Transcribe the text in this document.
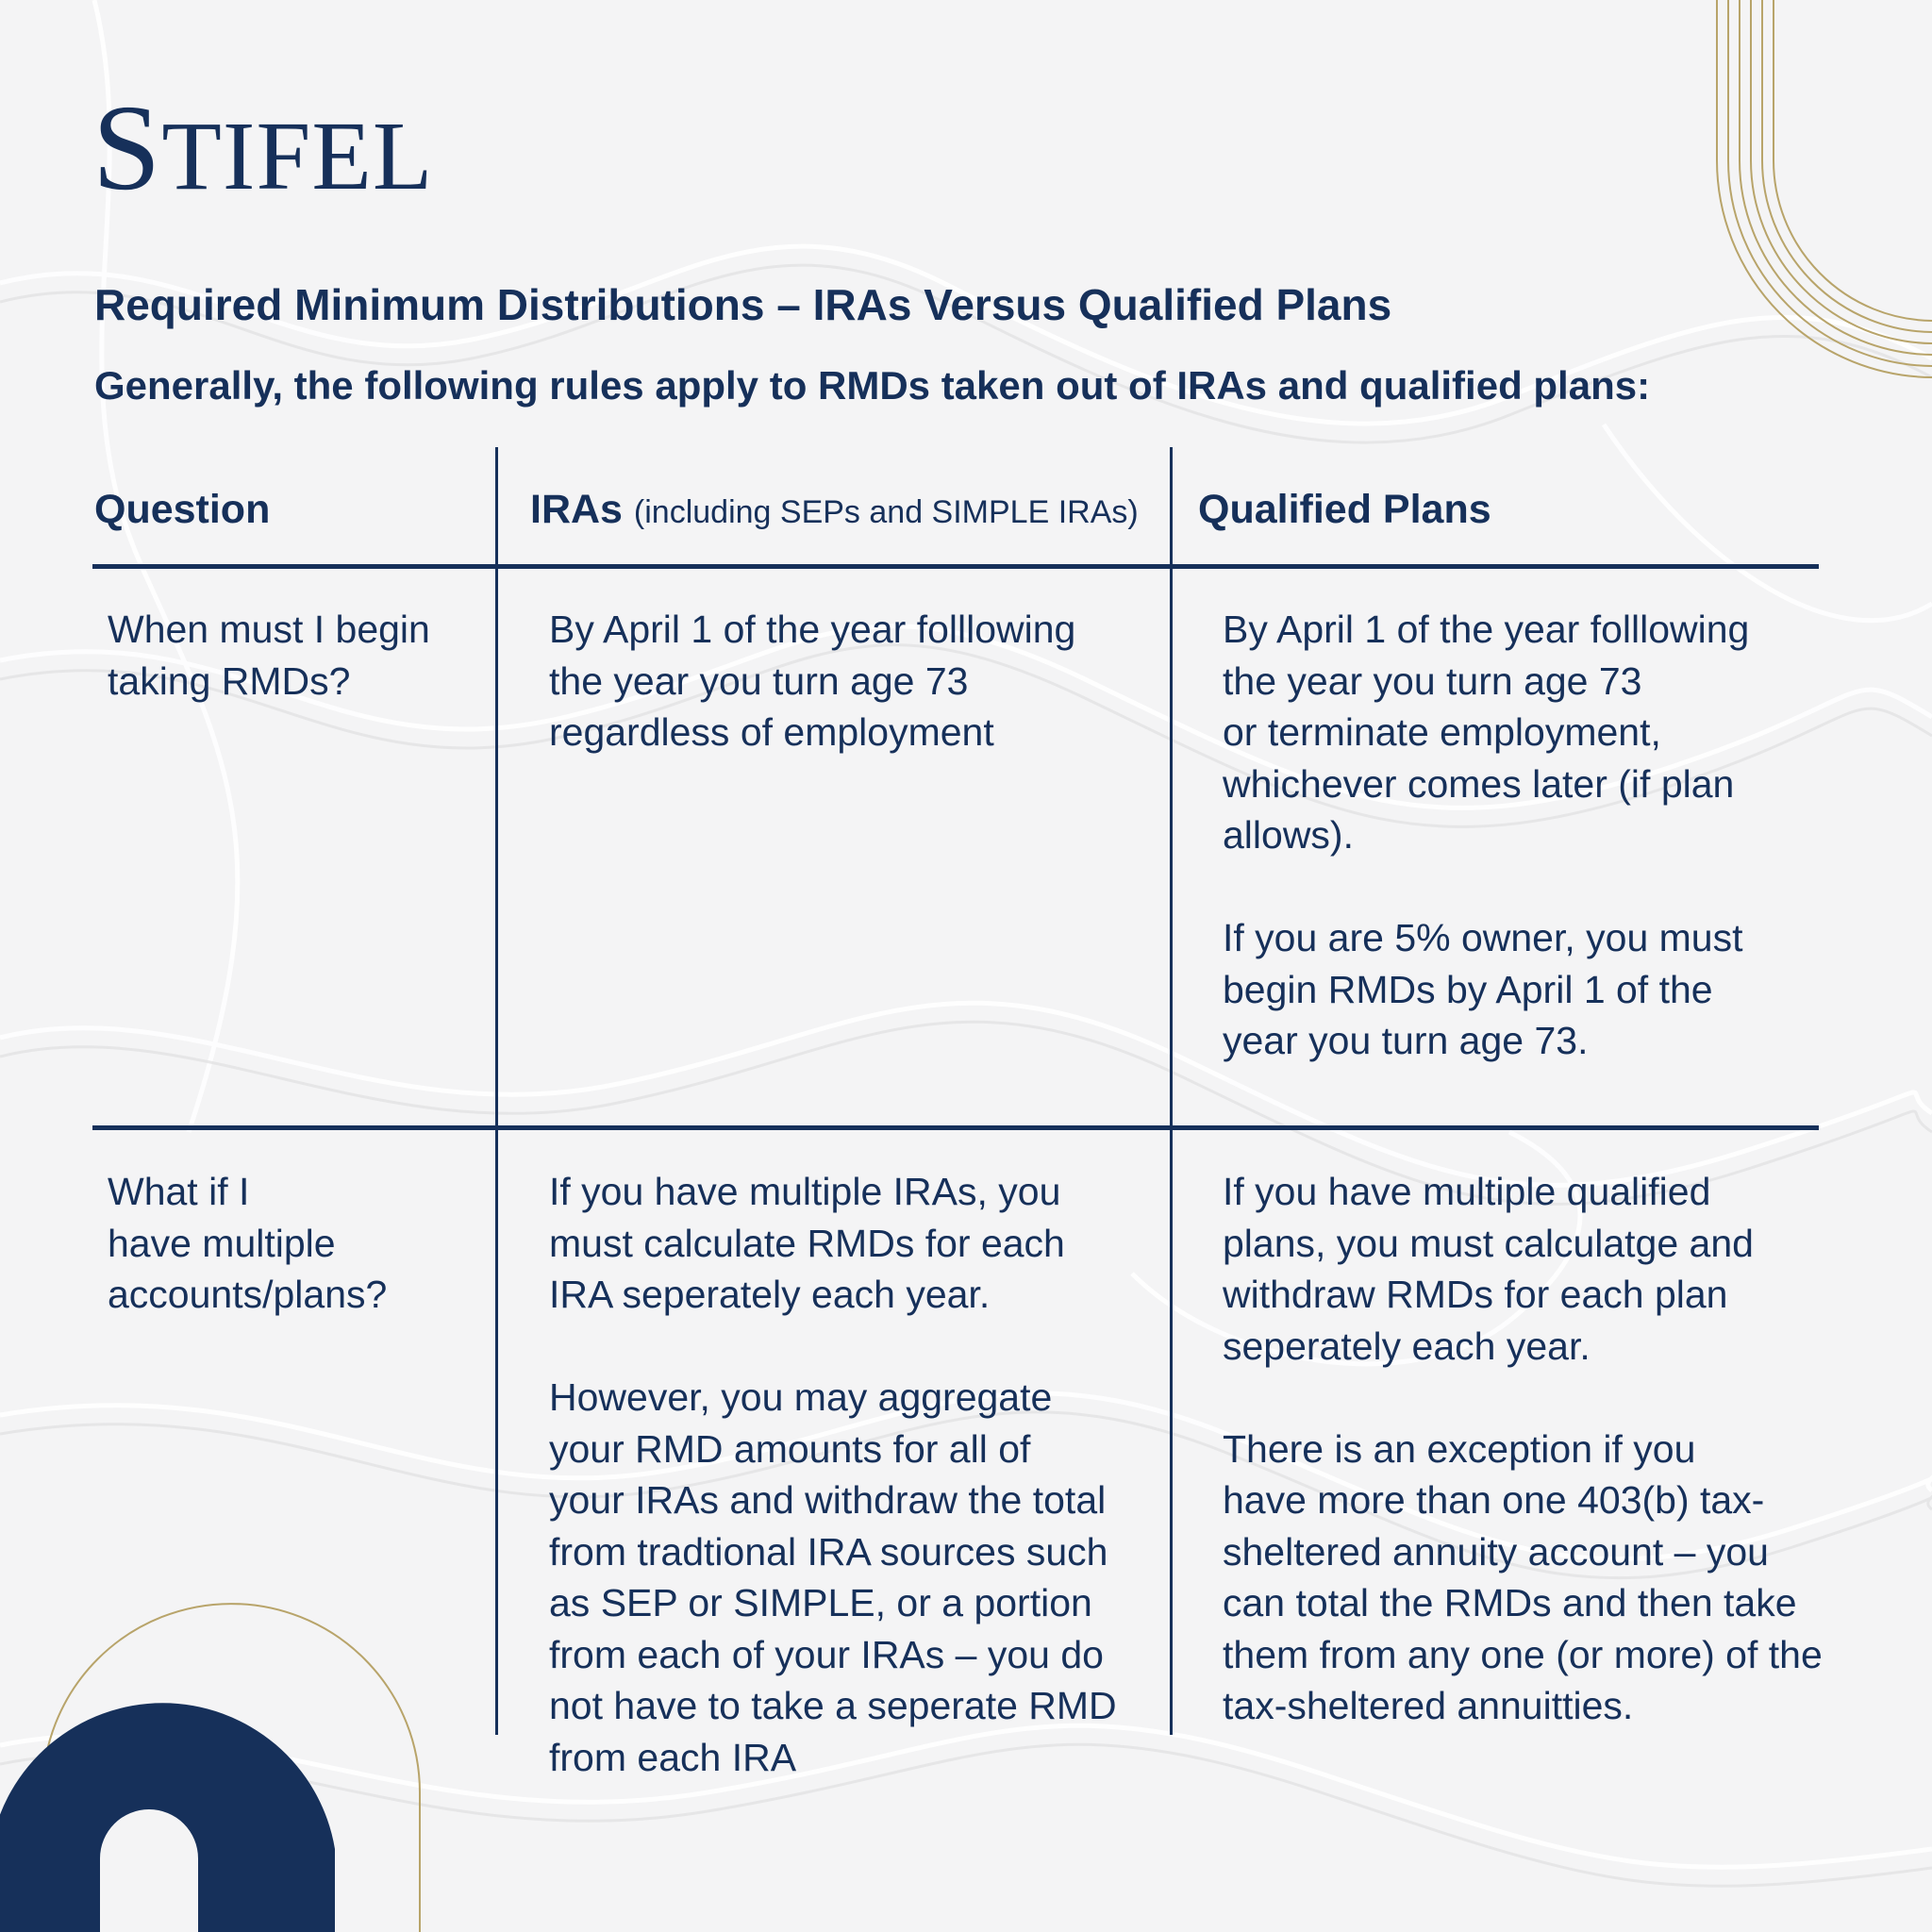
STIFEL
Required Minimum Distributions – IRAs Versus Qualified Plans
Generally, the following rules apply to RMDs taken out of IRAs and qualified plans:
Question	IRAs (including SEPs and SIMPLE IRAs) Qualified Plans

When must I begin
taking RMDs?

By April 1 of the year folllowing
the year you turn age 73
regardless of employment

By April 1 of the year folllowing
the year you turn age 73
or terminate employment,
whichever comes later (if plan
allows).

If you are 5% owner, you must
begin RMDs by April 1 of the
year you turn age 73.

What if I
have multiple
accounts/plans?

If you have multiple IRAs, you
must calculate RMDs for each
IRA seperately each year.

However, you may aggregate
your RMD amounts for all of
your IRAs and withdraw the total
from tradtional IRA sources such
as SEP or SIMPLE, or a portion
from each of your IRAs – you do
not have to take a seperate RMD
from each IRA

If you have multiple qualified
plans, you must calculatge and
withdraw RMDs for each plan
seperately each year.

There is an exception if you
have more than one 403(b) tax-
sheltered annuity account – you
can total the RMDs and then take
them from any one (or more) of the
tax-sheltered annuitties.
